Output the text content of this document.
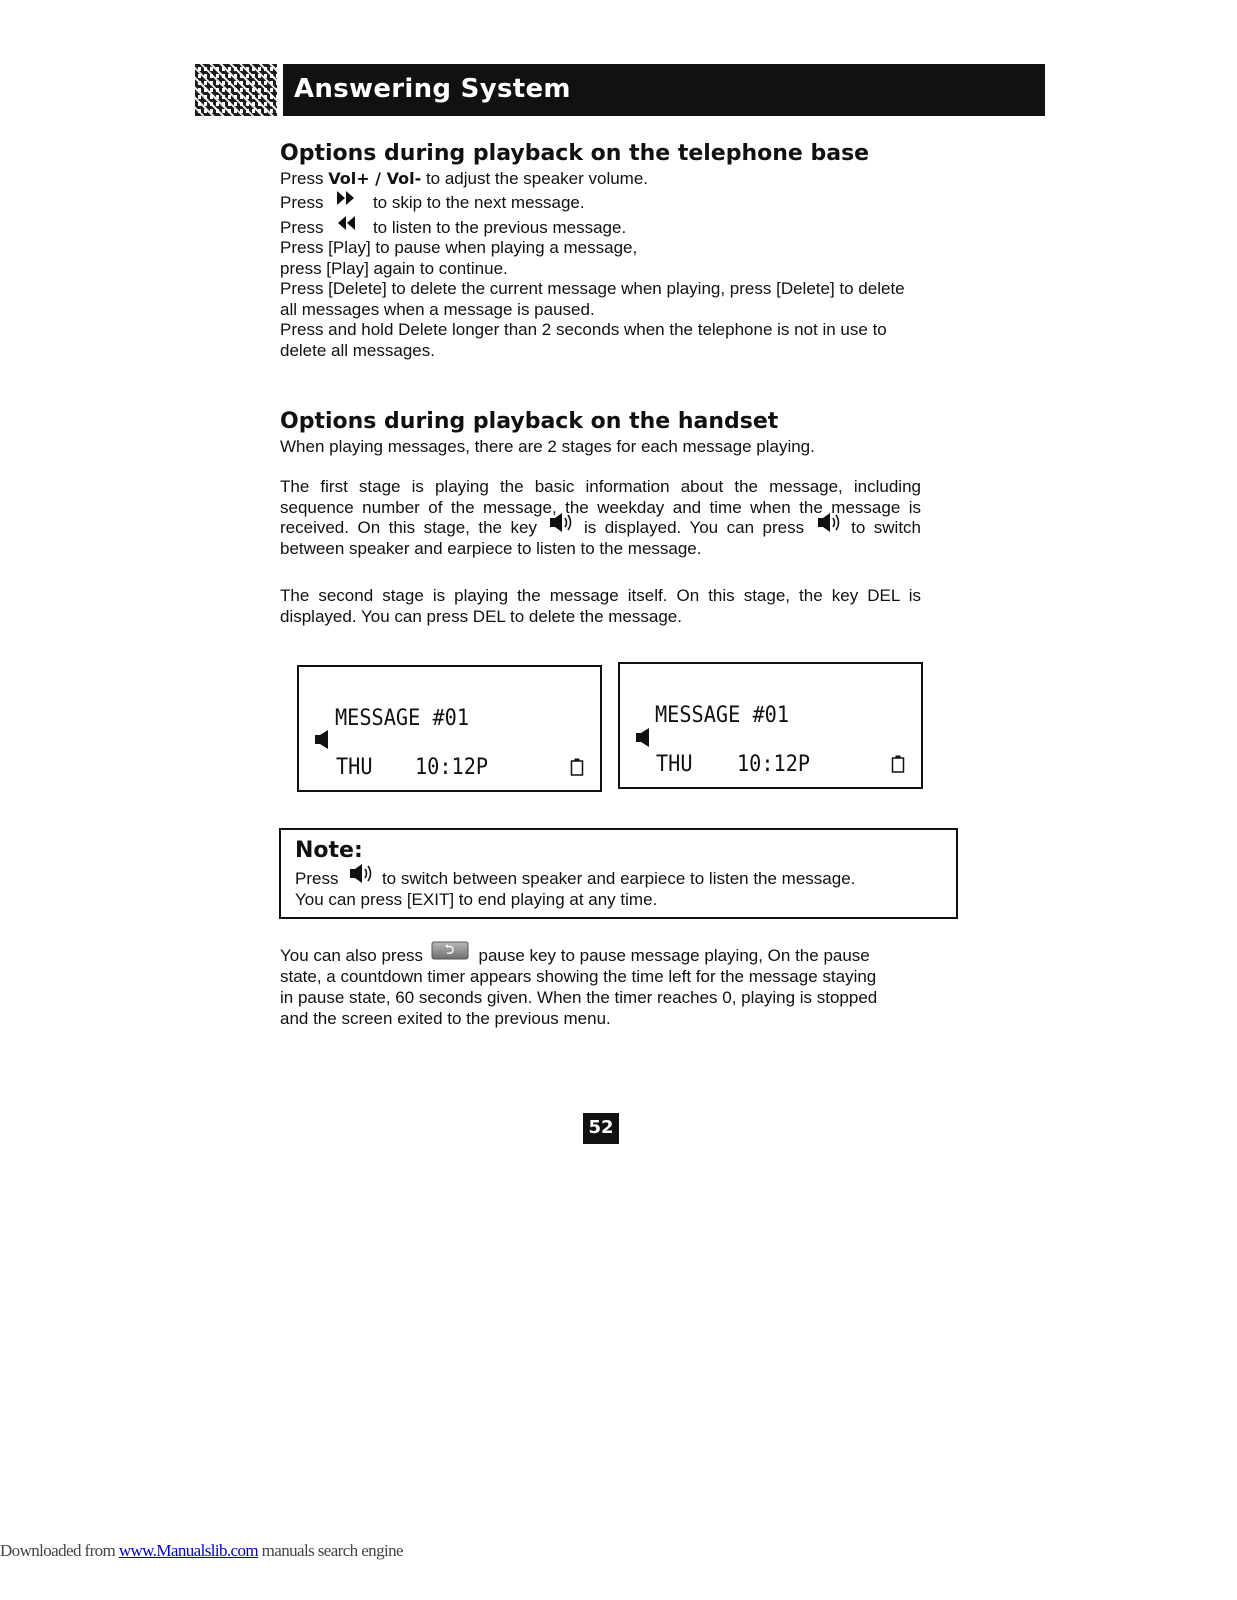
Answering System
Options during playback on the telephone base
Press Vol+ / Vol- to adjust the speaker volume.
Press	to skip to the next message.
Press	to listen to the previous message.
Press [Play] to pause when playing a message,
press [Play] again to continue.
Press [Delete] to delete the current message when playing, press [Delete] to delete
all messages when a message is paused.
Press and hold Delete longer than 2 seconds when the telephone is not in use to
delete all messages.
Options during playback on the handset
When playing messages, there are 2 stages for each message playing.
The first stage is playing the basic information about the message, including sequence number of the message, the weekday and time when the message is received. On this stage, the key	is displayed. You can press	to switch between speaker and earpiece to listen to the message.
The second stage is playing the message itself. On this stage, the key DEL is displayed. You can press DEL to delete the message.
MESSAGE #01
THU 10:12P
MESSAGE #01
THU 10:12P
Note:
Press	to switch between speaker and earpiece to listen the message.
You can press [EXIT] to end playing at any time.
You can also press	pause key to pause message playing, On the pause
state, a countdown timer appears showing the time left for the message staying
in pause state, 60 seconds given. When the timer reaches 0, playing is stopped
and the screen exited to the previous menu.
52
Downloaded from www.Manualslib.com manuals search engine
